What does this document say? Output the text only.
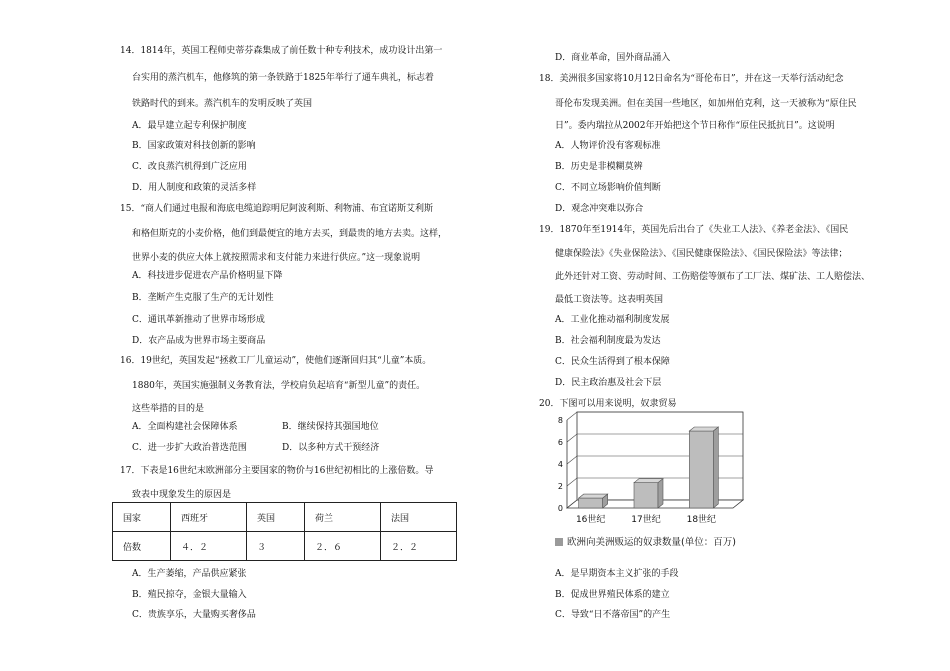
14．1814年，英国工程师史蒂芬森集成了前任数十种专利技术，成功设计出第一
台实用的蒸汽机车，他修筑的第一条铁路于1825年举行了通车典礼，标志着
铁路时代的到来。蒸汽机车的发明反映了英国
A．最早建立起专利保护制度
B．国家政策对科技创新的影响
C．改良蒸汽机得到广泛应用
D．用人制度和政策的灵活多样
15．“商人们通过电报和海底电缆追踪明尼阿波利斯、利物浦、布宜诺斯艾利斯
和格但斯克的小麦价格，他们到最便宜的地方去买，到最贵的地方去卖。这样，
世界小麦的供应大体上就按照需求和支付能力来进行供应。”这一现象说明
A．科技进步促进农产品价格明显下降
B．垄断产生克服了生产的无计划性
C．通讯革新推动了世界市场形成
D．农产品成为世界市场主要商品
16．19世纪，英国发起“拯救工厂儿童运动”，使他们逐渐回归其“儿童”本质。
1880年，英国实施强制义务教育法，学校肩负起培育“新型儿童”的责任。
这些举措的目的是
A．全面构建社会保障体系	B．继续保持其强国地位
C．进一步扩大政治普选范围	D．以多种方式干预经济
17．下表是16世纪末欧洲部分主要国家的物价与16世纪初相比的上涨倍数。导
致表中现象发生的原因是
国家	西班牙	英国	荷兰	法国
倍数	４．２	３	２．６	２．２
A．生产萎缩，产品供应紧张
B．殖民掠夺，金银大量输入
C．贵族享乐，大量购买奢侈品
D．商业革命，国外商品涌入
18．美洲很多国家将10月12日命名为“哥伦布日”，并在这一天举行活动纪念
哥伦布发现美洲。但在美国一些地区，如加州伯克利，这一天被称为“原住民
日”。委内瑞拉从2002年开始把这个节日称作“原住民抵抗日”。这说明
A．人物评价没有客观标准
B．历史是非模糊莫辨
C．不同立场影响价值判断
D．观念冲突难以弥合
19．1870年至1914年，英国先后出台了《失业工人法》、《养老金法》、《国民
健康保险法》《失业保险法》、《国民健康保险法》、《国民保险法》等法律；
此外还针对工资、劳动时间、工伤赔偿等颁布了工厂法、煤矿法、工人赔偿法、
最低工资法等。这表明英国
A．工业化推动福利制度发展
B．社会福利制度最为发达
C．民众生活得到了根本保障
D．民主政治惠及社会下层
20．下图可以用来说明，奴隶贸易
0
2
4
6
8
16世纪	17世纪	18世纪
欧洲向美洲贩运的奴隶数量(单位：百万)
A．是早期资本主义扩张的手段
B．促成世界殖民体系的建立
C．导致“日不落帝国”的产生
